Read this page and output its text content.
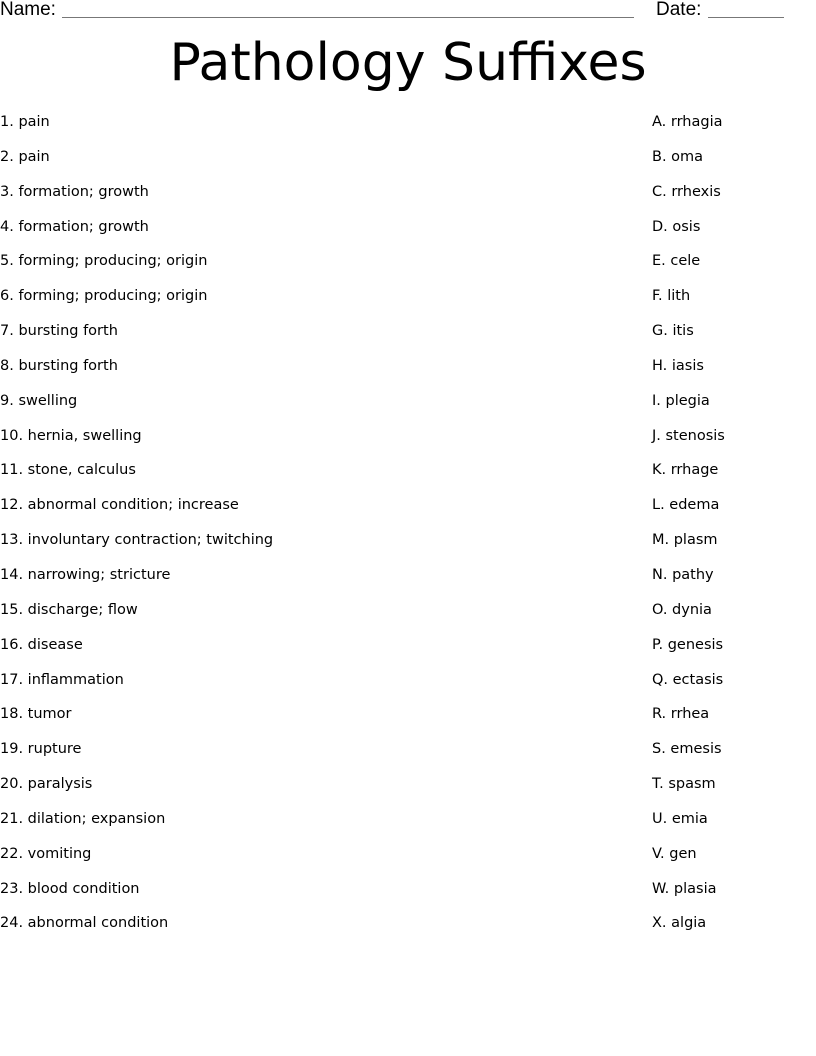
Name:	Date:
Pathology Suffixes
1. pain
2. pain
3. formation; growth
4. formation; growth
5. forming; producing; origin
6. forming; producing; origin
7. bursting forth
8. bursting forth
9. swelling
10. hernia, swelling
11. stone, calculus
12. abnormal condition; increase
13. involuntary contraction; twitching
14. narrowing; stricture
15. discharge; flow
16. disease
17. inflammation
18. tumor
19. rupture
20. paralysis
21. dilation; expansion
22. vomiting
23. blood condition
24. abnormal condition
A. rrhagia
B. oma
C. rrhexis
D. osis
E. cele
F. lith
G. itis
H. iasis
I. plegia
J. stenosis
K. rrhage
L. edema
M. plasm
N. pathy
O. dynia
P. genesis
Q. ectasis
R. rrhea
S. emesis
T. spasm
U. emia
V. gen
W. plasia
X. algia
